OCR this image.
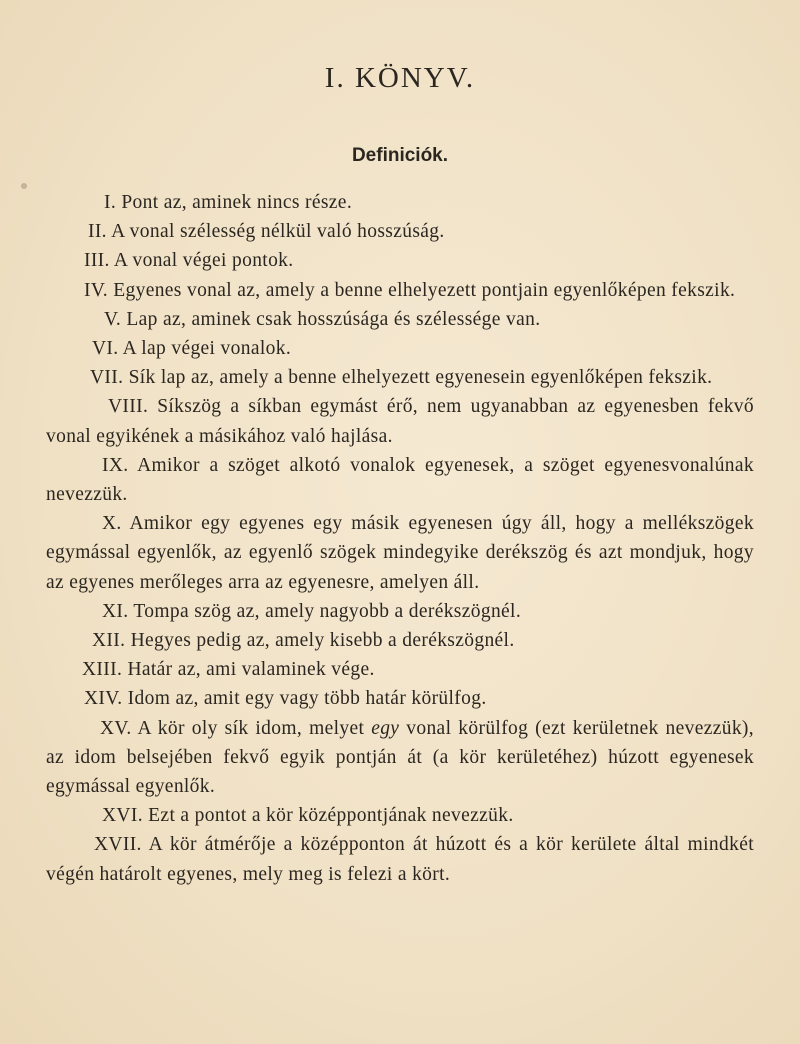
I. KÖNYV.
Definiciók.
I. Pont az, aminek nincs része.
II. A vonal szélesség nélkül való hosszúság.
III. A vonal végei pontok.
IV. Egyenes vonal az, amely a benne elhelyezett pontjain egyenlőképen fekszik.
V. Lap az, aminek csak hosszúsága és szélessége van.
VI. A lap végei vonalok.
VII. Sík lap az, amely a benne elhelyezett egyenesein egyenlőképen fekszik.
VIII. Síkszög a síkban egymást érő, nem ugyanabban az egyenesben fekvő vonal egyikének a másikához való hajlása.
IX. Amikor a szöget alkotó vonalok egyenesek, a szöget egyenesvonalúnak nevezzük.
X. Amikor egy egyenes egy másik egyenesen úgy áll, hogy a mellékszögek egymással egyenlők, az egyenlő szögek mindegyike derékszög és azt mondjuk, hogy az egyenes merőleges arra az egyenesre, amelyen áll.
XI. Tompa szög az, amely nagyobb a derékszögnél.
XII. Hegyes pedig az, amely kisebb a derékszögnél.
XIII. Határ az, ami valaminek vége.
XIV. Idom az, amit egy vagy több határ körülfog.
XV. A kör oly sík idom, melyet egy vonal körülfog (ezt kerületnek nevezzük), az idom belsejében fekvő egyik pontján át (a kör kerületéhez) húzott egyenesek egymással egyenlők.
XVI. Ezt a pontot a kör középpontjának nevezzük.
XVII. A kör átmérője a középponton át húzott és a kör kerülete által mindkét végén határolt egyenes, mely meg is felezi a kört.
